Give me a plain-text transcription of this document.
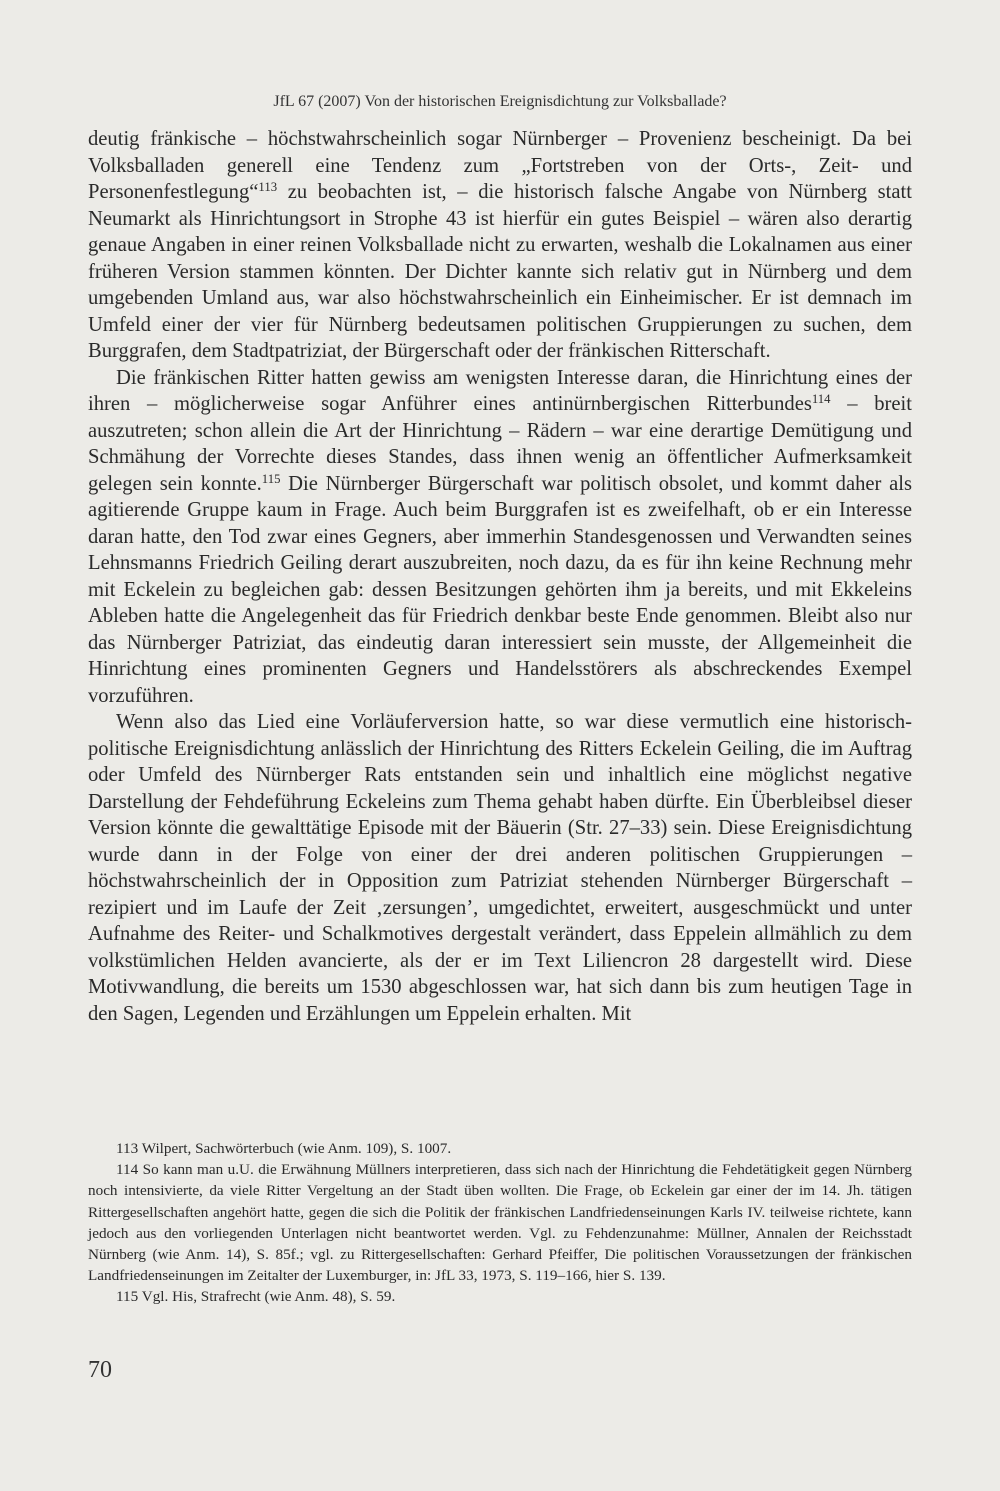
JfL 67 (2007) Von der historischen Ereignisdichtung zur Volksballade?

deutig fränkische – höchstwahrscheinlich sogar Nürnberger – Provenienz bescheinigt. Da bei Volksballaden generell eine Tendenz zum „Fortstreben von der Orts-, Zeit- und Personenfestlegung“$^{113}$ zu beobachten ist, – die historisch falsche Angabe von Nürnberg statt Neumarkt als Hinrichtungsort in Strophe 43 ist hierfür ein gutes Beispiel – wären also derartig genaue Angaben in einer reinen Volksballade nicht zu erwarten, weshalb die Lokalnamen aus einer früheren Version stammen könnten. Der Dichter kannte sich relativ gut in Nürnberg und dem umgebenden Umland aus, war also höchstwahrscheinlich ein Einheimischer. Er ist demnach im Umfeld einer der vier für Nürnberg bedeutsamen politischen Gruppierungen zu suchen, dem Burggrafen, dem Stadtpatriziat, der Bürgerschaft oder der fränkischen Ritterschaft.

Die fränkischen Ritter hatten gewiss am wenigsten Interesse daran, die Hinrichtung eines der ihren – möglicherweise sogar Anführer eines antinürnbergischen Ritterbundes$^{114}$ – breit auszutreten; schon allein die Art der Hinrichtung – Rädern – war eine derartige Demütigung und Schmähung der Vorrechte dieses Standes, dass ihnen wenig an öffentlicher Aufmerksamkeit gelegen sein konnte.$^{115}$ Die Nürnberger Bürgerschaft war politisch obsolet, und kommt daher als agitierende Gruppe kaum in Frage. Auch beim Burggrafen ist es zweifelhaft, ob er ein Interesse daran hatte, den Tod zwar eines Gegners, aber immerhin Standesgenossen und Verwandten seines Lehnsmanns Friedrich Geiling derart auszubreiten, noch dazu, da es für ihn keine Rechnung mehr mit Eckelein zu begleichen gab: dessen Besitzungen gehörten ihm ja bereits, und mit Ekkeleins Ableben hatte die Angelegenheit das für Friedrich denkbar beste Ende genommen. Bleibt also nur das Nürnberger Patriziat, das eindeutig daran interessiert sein musste, der Allgemeinheit die Hinrichtung eines prominenten Gegners und Handelsstörers als abschreckendes Exempel vorzuführen.

Wenn also das Lied eine Vorläuferversion hatte, so war diese vermutlich eine historisch-politische Ereignisdichtung anlässlich der Hinrichtung des Ritters Eckelein Geiling, die im Auftrag oder Umfeld des Nürnberger Rats entstanden sein und inhaltlich eine möglichst negative Darstellung der Fehdeführung Eckeleins zum Thema gehabt haben dürfte. Ein Überbleibsel dieser Version könnte die gewalttätige Episode mit der Bäuerin (Str. 27–33) sein. Diese Ereignisdichtung wurde dann in der Folge von einer der drei anderen politischen Gruppierungen – höchstwahrscheinlich der in Opposition zum Patriziat stehenden Nürnberger Bürgerschaft – rezipiert und im Laufe der Zeit ‚zersungen’, umgedichtet, erweitert, ausgeschmückt und unter Aufnahme des Reiter- und Schalkmotives dergestalt verändert, dass Eppelein allmählich zu dem volkstümlichen Helden avancierte, als der er im Text Liliencron 28 dargestellt wird. Diese Motivwandlung, die bereits um 1530 abgeschlossen war, hat sich dann bis zum heutigen Tage in den Sagen, Legenden und Erzählungen um Eppelein erhalten. Mit

113 Wilpert, Sachwörterbuch (wie Anm. 109), S. 1007.

114 So kann man u.U. die Erwähnung Müllners interpretieren, dass sich nach der Hinrichtung die Fehdetätigkeit gegen Nürnberg noch intensivierte, da viele Ritter Vergeltung an der Stadt üben wollten. Die Frage, ob Eckelein gar einer der im 14. Jh. tätigen Rittergesellschaften angehört hatte, gegen die sich die Politik der fränkischen Landfriedenseinungen Karls IV. teilweise richtete, kann jedoch aus den vorliegenden Unterlagen nicht beantwortet werden. Vgl. zu Fehdenzunahme: Müllner, Annalen der Reichsstadt Nürnberg (wie Anm. 14), S. 85f.; vgl. zu Rittergesellschaften: Gerhard Pfeiffer, Die politischen Voraussetzungen der fränkischen Landfriedenseinungen im Zeitalter der Luxemburger, in: JfL 33, 1973, S. 119–166, hier S. 139.

115 Vgl. His, Strafrecht (wie Anm. 48), S. 59.

70
